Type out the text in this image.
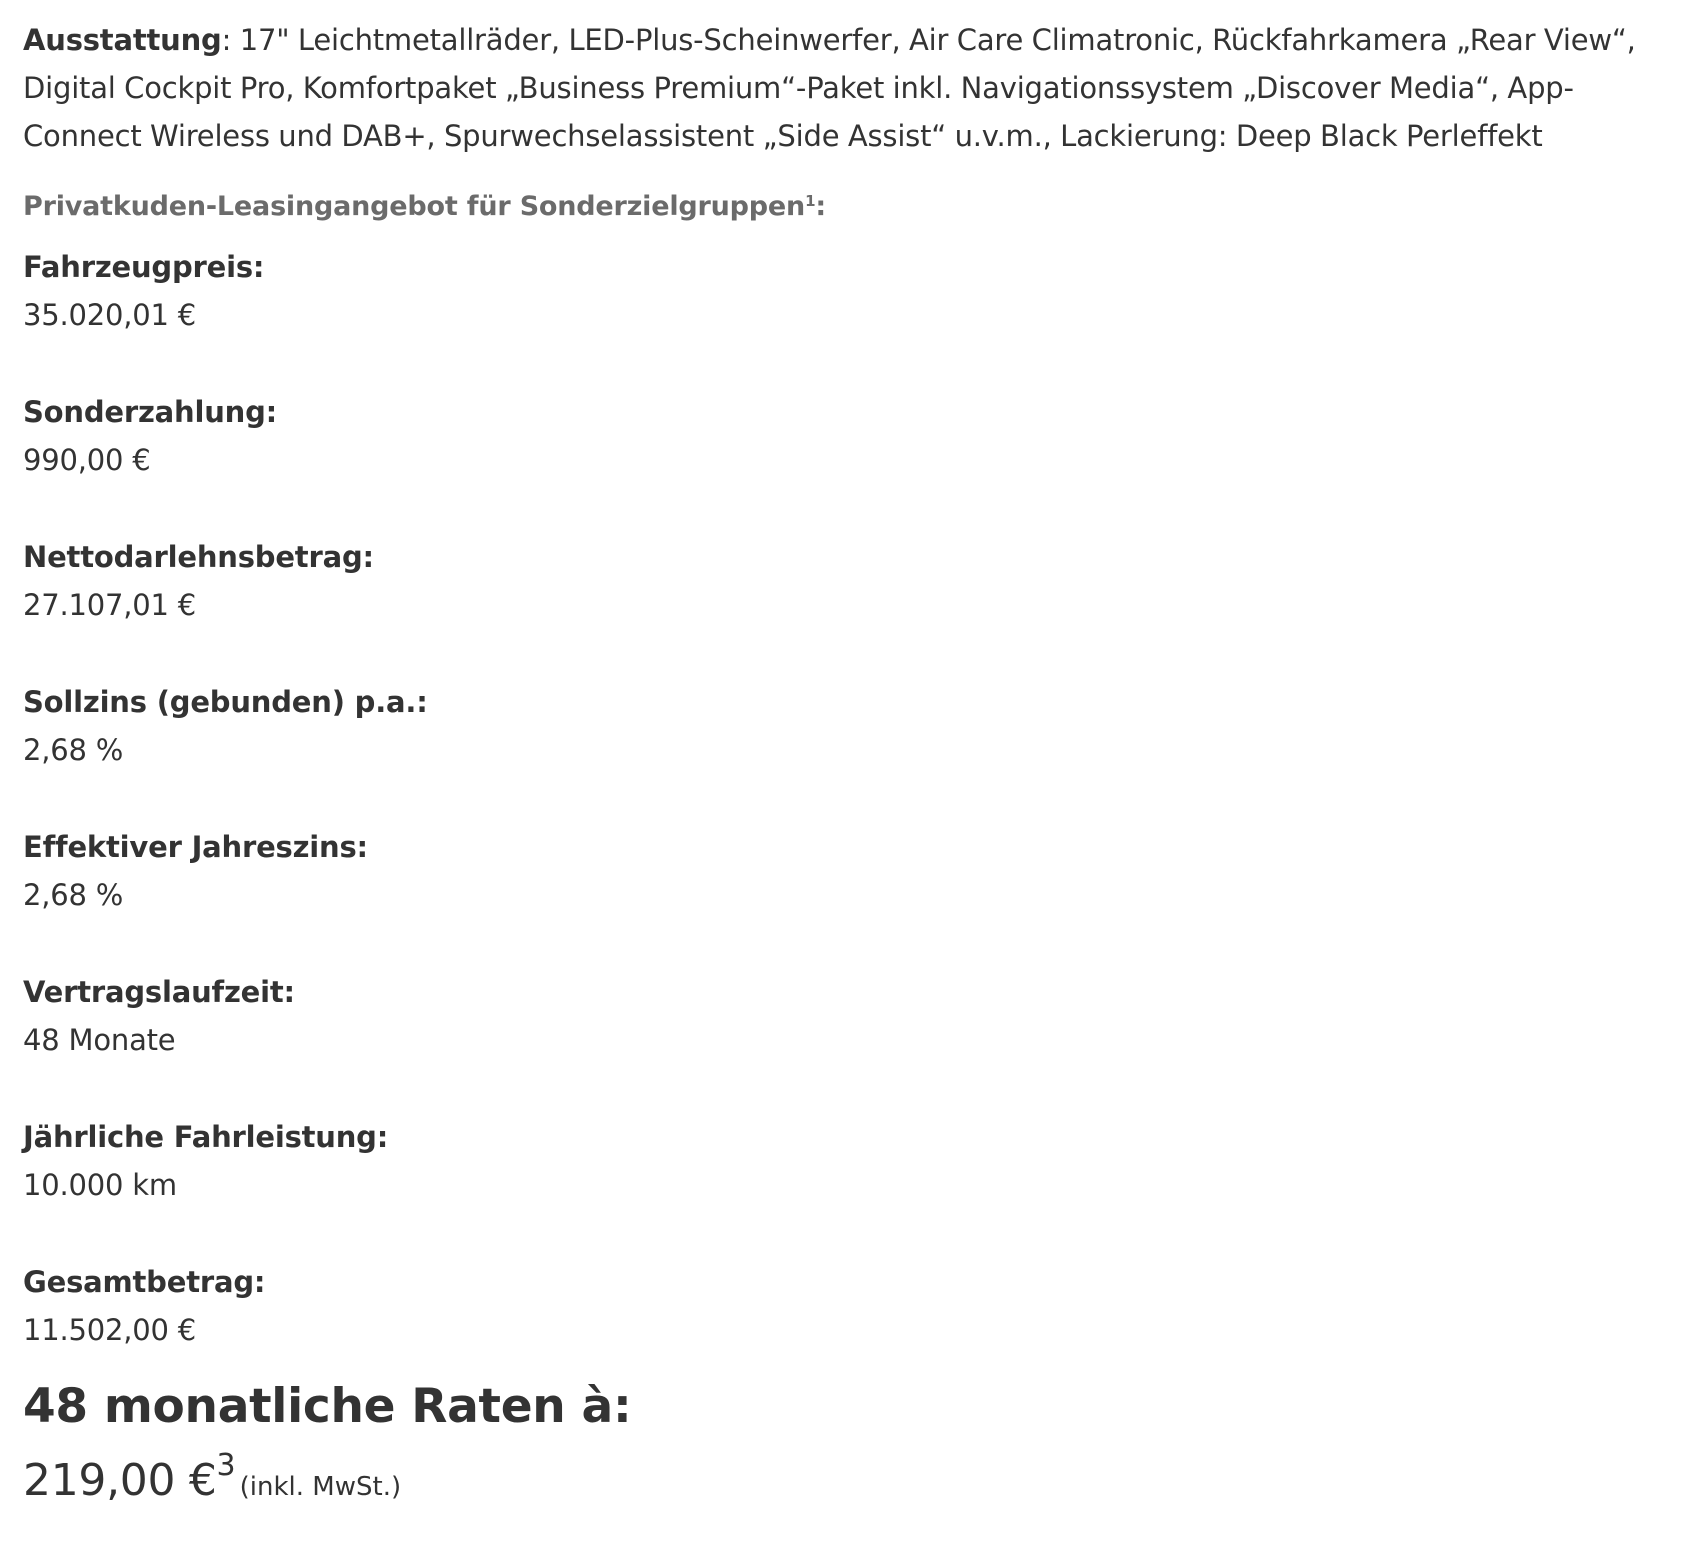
Ausstattung: 17" Leichtmetallräder, LED-Plus-Scheinwerfer, Air Care Climatronic, Rückfahrkamera „Rear View“, Digital Cockpit Pro, Komfortpaket „Business Premium“-Paket inkl. Navigationssystem „Discover Media“, App-Connect Wireless und DAB+, Spurwechselassistent „Side Assist“ u.v.m., Lackierung: Deep Black Perleffekt

Privatkuden-Leasingangebot für Sonderzielgruppen$^1$:
Fahrzeugpreis:
35.020,01 €
Sonderzahlung:
990,00 €
Nettodarlehnsbetrag:
27.107,01 €
Sollzins (gebunden) p.a.:
2,68 %
Effektiver Jahreszins:
2,68 %
Vertragslaufzeit:
48 Monate
Jährliche Fahrleistung:
10.000 km
Gesamtbetrag:
11.502,00 €
48 monatliche Raten à:
219,00 €$^3$(inkl. MwSt.)
